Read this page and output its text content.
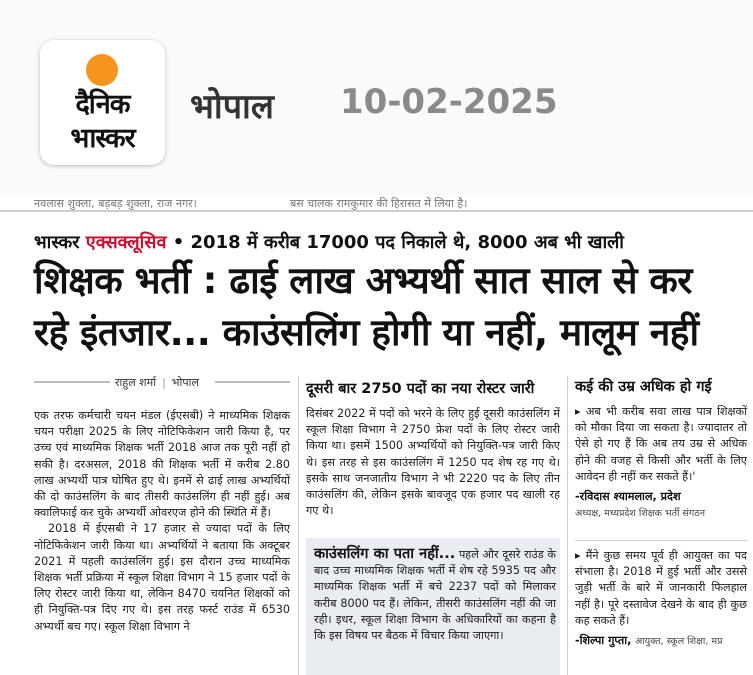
दैनिक
भास्कर
भोपाल 10-02-2025
नवलास शुक्ला, बड़बड़ शुक्ला, राज नगर।	बस चालक रामकुमार की हिरासत में लिया है।
भास्कर एक्सक्लूसिव • 2018 में करीब 17000 पद निकाले थे, 8000 अब भी खाली
शिक्षक भर्ती : ढाई लाख अभ्यर्थी सात साल से कर
रहे इंतजार... काउंसलिंग होगी या नहीं, मालूम नहीं
राहुल शर्मा | भोपाल

एक तरफ कर्मचारी चयन मंडल (ईएसबी) ने माध्यमिक शिक्षक चयन परीक्षा 2025 के लिए नोटिफिकेशन जारी किया है, पर उच्च एवं माध्यमिक शिक्षक भर्ती 2018 आज तक पूरी नहीं हो सकी है। दरअसल, 2018 की शिक्षक भर्ती में करीब 2.80 लाख अभ्यर्थी पात्र घोषित हुए थे। इनमें से ढाई लाख अभ्यर्थियों की दो काउंसलिंग के बाद तीसरी काउंसलिंग ही नहीं हुई। अब क्वालिफाई कर चुके अभ्यर्थी ओवरएज होने की स्थिति में हैं।

2018 में ईएसबी ने 17 हजार से ज्यादा पदों के लिए नोटिफिकेशन जारी किया था। अभ्यर्थियों ने बताया कि अक्टूबर 2021 में पहली काउंसलिंग हुई। इस दौरान उच्च माध्यमिक शिक्षक भर्ती प्रक्रिया में स्कूल शिक्षा विभाग ने 15 हजार पदों के लिए रोस्टर जारी किया था, लेकिन 8470 चयनित शिक्षकों को ही नियुक्ति-पत्र दिए गए थे। इस तरह फर्स्ट राउंड में 6530 अभ्यर्थी बच गए। स्कूल शिक्षा विभाग ने

दूसरी बार 2750 पदों का नया रोस्टर जारी

दिसंबर 2022 में पदों को भरने के लिए हुई दूसरी काउंसलिंग में स्कूल शिक्षा विभाग ने 2750 फ्रेश पदों के लिए रोस्टर जारी किया था। इसमें 1500 अभ्यर्थियों को नियुक्ति-पत्र जारी किए थे। इस तरह से इस काउंसलिंग में 1250 पद शेष रह गए थे। इसके साथ जनजातीय विभाग ने भी 2220 पद के लिए तीन काउंसलिंग की, लेकिन इसके बावजूद एक हजार पद खाली रह गए थे।

काउंसलिंग का पता नहीं... पहले और दूसरे राउंड के बाद उच्च माध्यमिक शिक्षक भर्ती में शेष रहे 5935 पद और माध्यमिक शिक्षक भर्ती में बचे 2237 पदों को मिलाकर करीब 8000 पद हैं। लेकिन, तीसरी काउंसलिंग नहीं की जा रही। इधर, स्कूल शिक्षा विभाग के अधिकारियों का कहना है कि इस विषय पर बैठक में विचार किया जाएगा।
कई की उम्र अधिक हो गई

▸ अब भी करीब सवा लाख पात्र शिक्षकों को मौका दिया जा सकता है। ज्यादातर तो ऐसे हो गए हैं कि अब तय उम्र से अधिक होने की वजह से किसी और भर्ती के लिए आवेदन ही नहीं कर सकते हैं।'

-रविदास श्यामलाल, प्रदेश
अध्यक्ष, मध्यप्रदेश शिक्षक भर्ती संगठन

▸ मैंने कुछ समय पूर्व ही आयुक्त का पद संभाला है। 2018 में हुई भर्ती और उससे जुड़ी भर्ती के बारे में जानकारी फिलहाल नहीं है। पूरे दस्तावेज देखने के बाद ही कुछ कह सकते हैं।

-शिल्पा गुप्ता, आयुक्त, स्कूल शिक्षा, मप्र
